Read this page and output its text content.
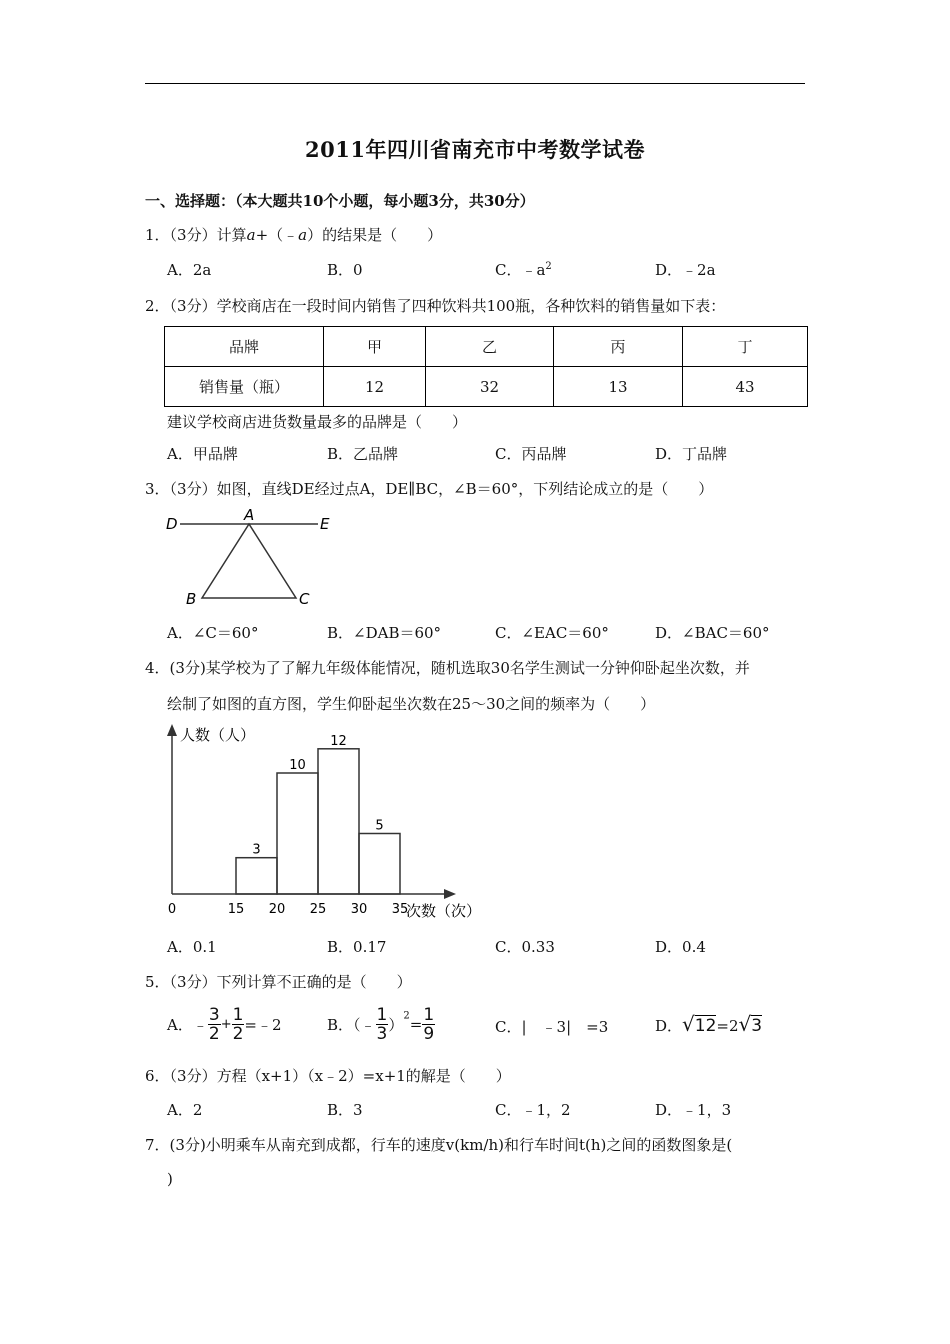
2011年四川省南充市中考数学试卷
一、选择题：（本大题共10个小题，每小题3分，共30分）
1．（3分）计算a+（﹣a）的结果是（　　）
A．2a	B．0	C．$﹣a^2$	D．﹣2a
2．（3分）学校商店在一段时间内销售了四种饮料共100瓶，各种饮料的销售量如下表：
品牌	甲	乙	丙	丁
销售量（瓶）	12	32	13	43
建议学校商店进货数量最多的品牌是（　　）
A．甲品牌	B．乙品牌	C．丙品牌	D．丁品牌
3．（3分）如图，直线DE经过点A，DE∥BC，∠B＝60°，下列结论成立的是（　　）
D	A	E
B	C
A．∠C＝60°	B．∠DAB＝60°	C．∠EAC＝60°	D．∠BAC＝60°
4．(3分)某学校为了了解九年级体能情况，随机选取30名学生测试一分钟仰卧起坐次数，并
绘制了如图的直方图，学生仰卧起坐次数在25～30之间的频率为（　　）
人数（人）
次数（次）
3
10
12
5
0	15 20 25 30 35
A．0.1	B．0.17	C．0.33	D．0.4
5．（3分）下列计算不正确的是（　　）
A．﹣ $\frac{3}{2} + \frac{1}{2}$ =﹣2	B．（﹣ $\frac{1}{3} )^2= \frac{1}{9}$	C．|　﹣3|　=3	D．√12=2√3
6．（3分）方程（x+1）（x﹣2）=x+1的解是（　　）
A．2	B．3	C．﹣1，2	D．﹣1，3
7．(3分)小明乘车从南充到成都，行车的速度v(km/h)和行车时间t(h)之间的函数图象是(
)
